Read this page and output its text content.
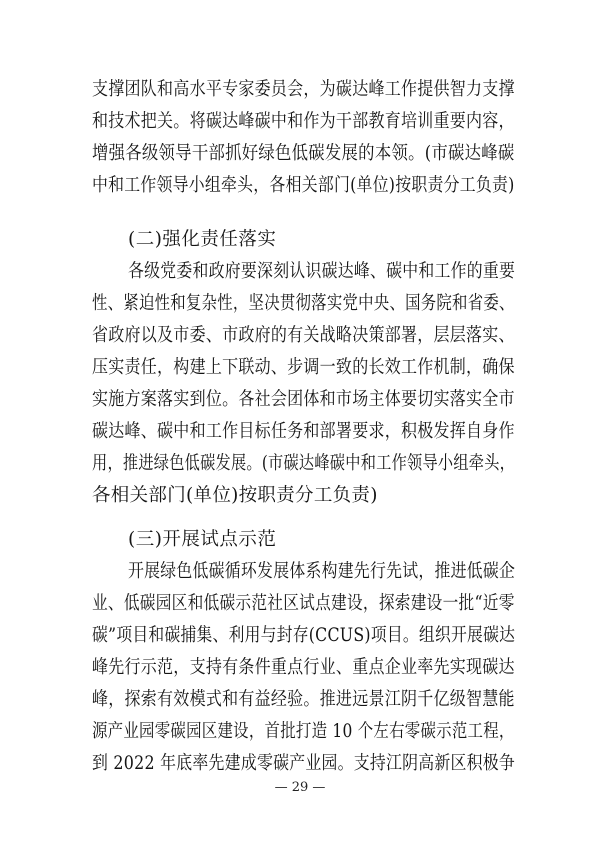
支撑团队和高水平专家委员会，为碳达峰工作提供智力支撑
和技术把关。将碳达峰碳中和作为干部教育培训重要内容，
增强各级领导干部抓好绿色低碳发展的本领。(市碳达峰碳
中和工作领导小组牵头，各相关部门(单位)按职责分工负责)
(二)强化责任落实
各级党委和政府要深刻认识碳达峰、碳中和工作的重要
性、紧迫性和复杂性，坚决贯彻落实党中央、国务院和省委、
省政府以及市委、市政府的有关战略决策部署，层层落实、
压实责任，构建上下联动、步调一致的长效工作机制，确保
实施方案落实到位。各社会团体和市场主体要切实落实全市
碳达峰、碳中和工作目标任务和部署要求，积极发挥自身作
用，推进绿色低碳发展。(市碳达峰碳中和工作领导小组牵头，
各相关部门(单位)按职责分工负责)
(三)开展试点示范
开展绿色低碳循环发展体系构建先行先试，推进低碳企
业、低碳园区和低碳示范社区试点建设，探索建设一批“近零
碳”项目和碳捕集、利用与封存(CCUS)项目。组织开展碳达
峰先行示范，支持有条件重点行业、重点企业率先实现碳达
峰，探索有效模式和有益经验。推进远景江阴千亿级智慧能
源产业园零碳园区建设，首批打造 10 个左右零碳示范工程，
到 2022 年底率先建成零碳产业园。支持江阴高新区积极争
— 29 —
